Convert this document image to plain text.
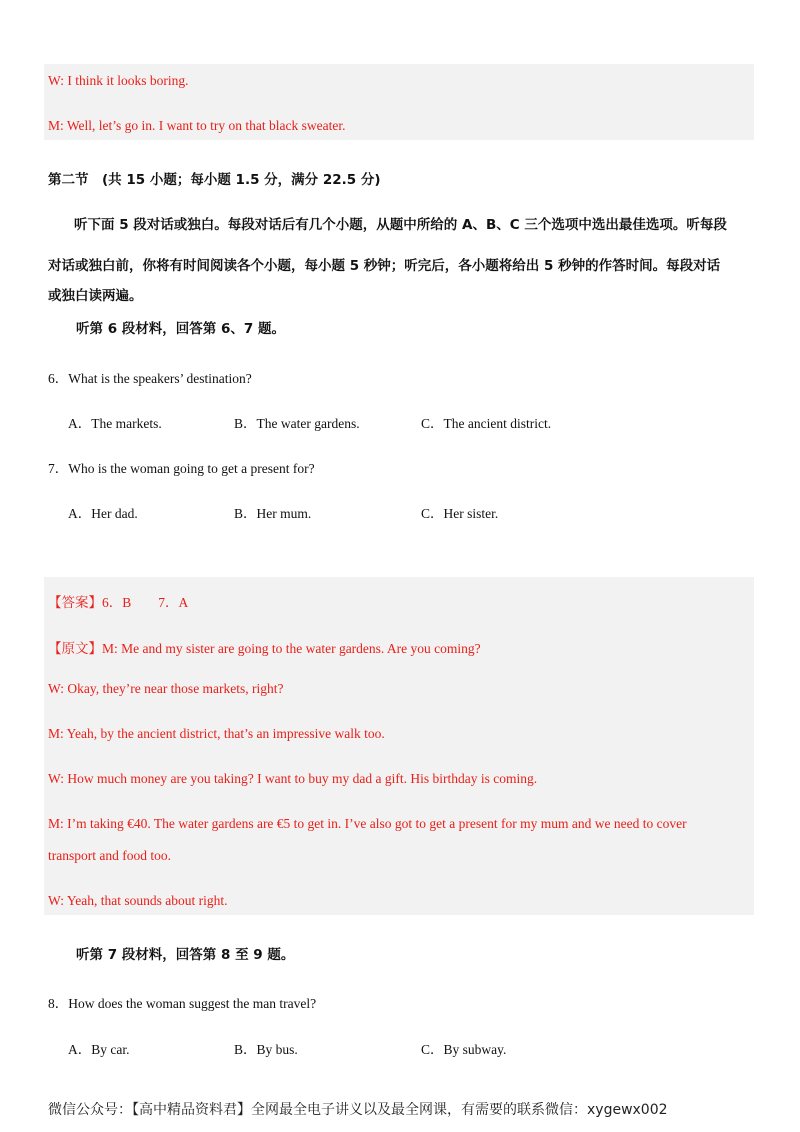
W: I think it looks boring.
M: Well, let’s go in. I want to try on that black sweater.
第二节　(共 15 小题；每小题 1.5 分，满分 22.5 分)
听下面 5 段对话或独白。每段对话后有几个小题，从题中所给的 A、B、C 三个选项中选出最佳选项。听每段
对话或独白前，你将有时间阅读各个小题，每小题 5 秒钟；听完后，各小题将给出 5 秒钟的作答时间。每段对话
或独白读两遍。
听第 6 段材料，回答第 6、7 题。
6．What is the speakers’ destination?
A．The markets.	B．The water gardens.	C．The ancient district.
7．Who is the woman going to get a present for?
A．Her dad.	B．Her mum.	C．Her sister.
【答案】6．B　　7．A
【原文】M: Me and my sister are going to the water gardens. Are you coming?
W: Okay, they’re near those markets, right?
M: Yeah, by the ancient district, that’s an impressive walk too.
W: How much money are you taking? I want to buy my dad a gift. His birthday is coming.
M: I’m taking €40. The water gardens are €5 to get in. I’ve also got to get a present for my mum and we need to cover
transport and food too.
W: Yeah, that sounds about right.
听第 7 段材料，回答第 8 至 9 题。
8．How does the woman suggest the man travel?
A．By car.	B．By bus.	C．By subway.
微信公众号：【高中精品资料君】全网最全电子讲义以及最全网课，有需要的联系微信：xygewx002
